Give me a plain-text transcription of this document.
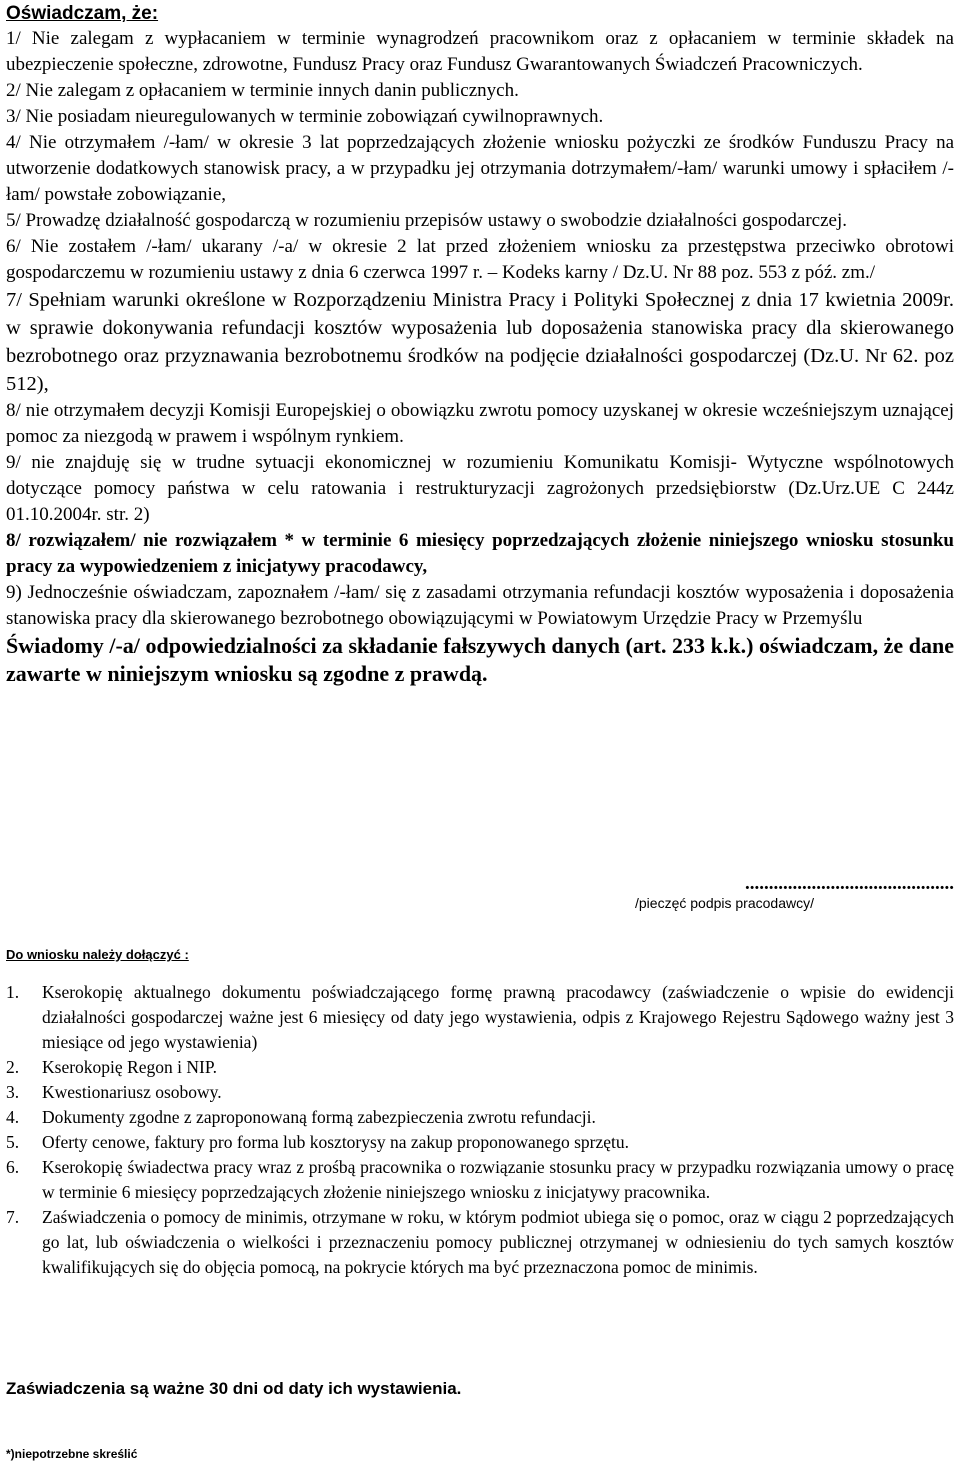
Oświadczam, że:

1/ Nie zalegam z wypłacaniem w terminie wynagrodzeń pracownikom oraz z opłacaniem w terminie składek na ubezpieczenie społeczne, zdrowotne, Fundusz Pracy oraz Fundusz Gwarantowanych Świadczeń Pracowniczych.

2/ Nie zalegam z opłacaniem w terminie innych danin publicznych.

3/ Nie posiadam nieuregulowanych w terminie zobowiązań cywilnoprawnych.

4/ Nie otrzymałem /-łam/ w okresie 3 lat poprzedzających złożenie wniosku pożyczki ze środków Funduszu Pracy na utworzenie dodatkowych stanowisk pracy, a w przypadku jej otrzymania dotrzymałem/-łam/ warunki umowy i spłaciłem /-łam/ powstałe zobowiązanie,

5/ Prowadzę działalność gospodarczą w rozumieniu przepisów ustawy o swobodzie działalności gospodarczej.

6/ Nie zostałem /-łam/ ukarany /-a/ w okresie 2 lat przed złożeniem wniosku za przestępstwa przeciwko obrotowi gospodarczemu w rozumieniu ustawy z dnia 6 czerwca 1997 r. – Kodeks karny / Dz.U. Nr 88 poz. 553 z póź. zm./

7/ Spełniam warunki określone w Rozporządzeniu Ministra Pracy i Polityki Społecznej z dnia 17 kwietnia 2009r. w sprawie dokonywania refundacji kosztów wyposażenia lub doposażenia stanowiska pracy dla skierowanego bezrobotnego oraz przyznawania bezrobotnemu środków na podjęcie działalności gospodarczej (Dz.U. Nr 62. poz 512),

8/ nie otrzymałem decyzji Komisji Europejskiej o obowiązku zwrotu pomocy uzyskanej w okresie wcześniejszym uznającej pomoc za niezgodą w prawem i wspólnym rynkiem.

9/ nie znajduję się w trudne sytuacji ekonomicznej w rozumieniu Komunikatu Komisji- Wytyczne wspólnotowych dotyczące pomocy państwa w celu ratowania i restrukturyzacji zagrożonych przedsiębiorstw (Dz.Urz.UE C 244z 01.10.2004r. str. 2)

8/ rozwiązałem/ nie rozwiązałem * w terminie 6 miesięcy poprzedzających złożenie niniejszego wniosku stosunku pracy za wypowiedzeniem z inicjatywy pracodawcy,

9) Jednocześnie oświadczam, zapoznałem /-łam/ się z zasadami otrzymania refundacji kosztów wyposażenia i doposażenia stanowiska pracy dla skierowanego bezrobotnego obowiązującymi w Powiatowym Urzędzie Pracy w Przemyślu

Świadomy /-a/ odpowiedzialności za składanie fałszywych danych (art. 233 k.k.) oświadczam, że dane zawarte w niniejszym wniosku są zgodne z prawdą.

............................................
/pieczęć podpis pracodawcy/
Do wniosku należy dołączyć :
1.	Kserokopię aktualnego dokumentu poświadczającego formę prawną pracodawcy (zaświadczenie o wpisie do ewidencji działalności gospodarczej ważne jest 6 miesięcy od daty jego wystawienia, odpis z Krajowego Rejestru Sądowego ważny jest 3 miesiące od jego wystawienia)
2.	Kserokopię Regon i NIP.
3.	Kwestionariusz osobowy.
4.	Dokumenty zgodne z zaproponowaną formą zabezpieczenia zwrotu refundacji.
5.	Oferty cenowe, faktury pro forma lub kosztorysy na zakup proponowanego sprzętu.
6.	Kserokopię świadectwa pracy wraz z prośbą pracownika o rozwiązanie stosunku pracy w przypadku rozwiązania umowy o pracę w terminie 6 miesięcy poprzedzających złożenie niniejszego wniosku z inicjatywy pracownika.
7.	Zaświadczenia o pomocy de minimis, otrzymane w roku, w którym podmiot ubiega się o pomoc, oraz w ciągu 2 poprzedzających go lat, lub oświadczenia o wielkości i przeznaczeniu pomocy publicznej otrzymanej w odniesieniu do tych samych kosztów kwalifikujących się do objęcia pomocą, na pokrycie których ma być przeznaczona pomoc de minimis.
Zaświadczenia są ważne 30 dni od daty ich wystawienia.
*)niepotrzebne skreślić
